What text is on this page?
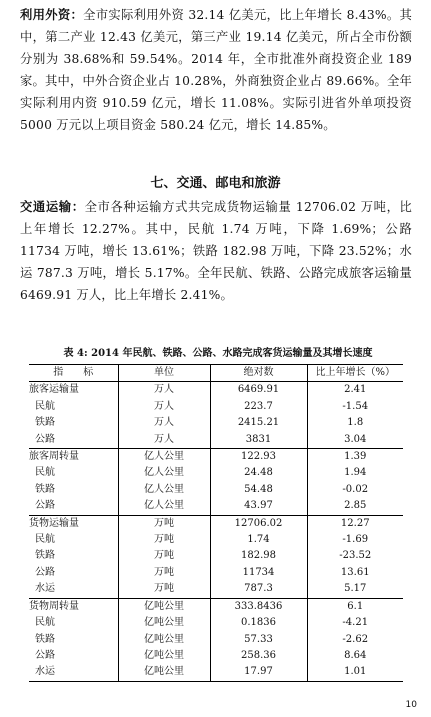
利用外资：全市实际利用外资 32.14 亿美元，比上年增长 8.43%。其中，第二产业 12.43 亿美元，第三产业 19.14 亿美元，所占全市份额分别为 38.68%和 59.54%。2014 年，全市批准外商投资企业 189 家。其中，中外合资企业占 10.28%，外商独资企业占 89.66%。全年实际利用内资 910.59 亿元，增长 11.08%。实际引进省外单项投资 5000 万元以上项目资金 580.24 亿元，增长 14.85%。

七、交通、邮电和旅游

交通运输：全市各种运输方式共完成货物运输量 12706.02 万吨，比上年增长 12.27%。其中，民航 1.74 万吨，下降 1.69%；公路 11734 万吨，增长 13.61%；铁路 182.98 万吨，下降 23.52%；水运 787.3 万吨，增长 5.17%。全年民航、铁路、公路完成旅客运输量 6469.91 万人，比上年增长 2.41%。

表 4: 2014 年民航、铁路、公路、水路完成客货运输量及其增长速度
指　　标	单位	绝对数	比上年增长（%）
旅客运输量	万人	6469.91	2.41
民航	万人	223.7	-1.54
铁路	万人	2415.21	1.8
公路	万人	3831	3.04
旅客周转量	亿人公里	122.93	1.39
民航	亿人公里	24.48	1.94
铁路	亿人公里	54.48	-0.02
公路	亿人公里	43.97	2.85
货物运输量	万吨	12706.02	12.27
民航	万吨	1.74	-1.69
铁路	万吨	182.98	-23.52
公路	万吨	11734	13.61
水运	万吨	787.3	5.17
货物周转量	亿吨公里	333.8436	6.1
民航	亿吨公里	0.1836	-4.21
铁路	亿吨公里	57.33	-2.62
公路	亿吨公里	258.36	8.64
水运	亿吨公里	17.97	1.01
10
